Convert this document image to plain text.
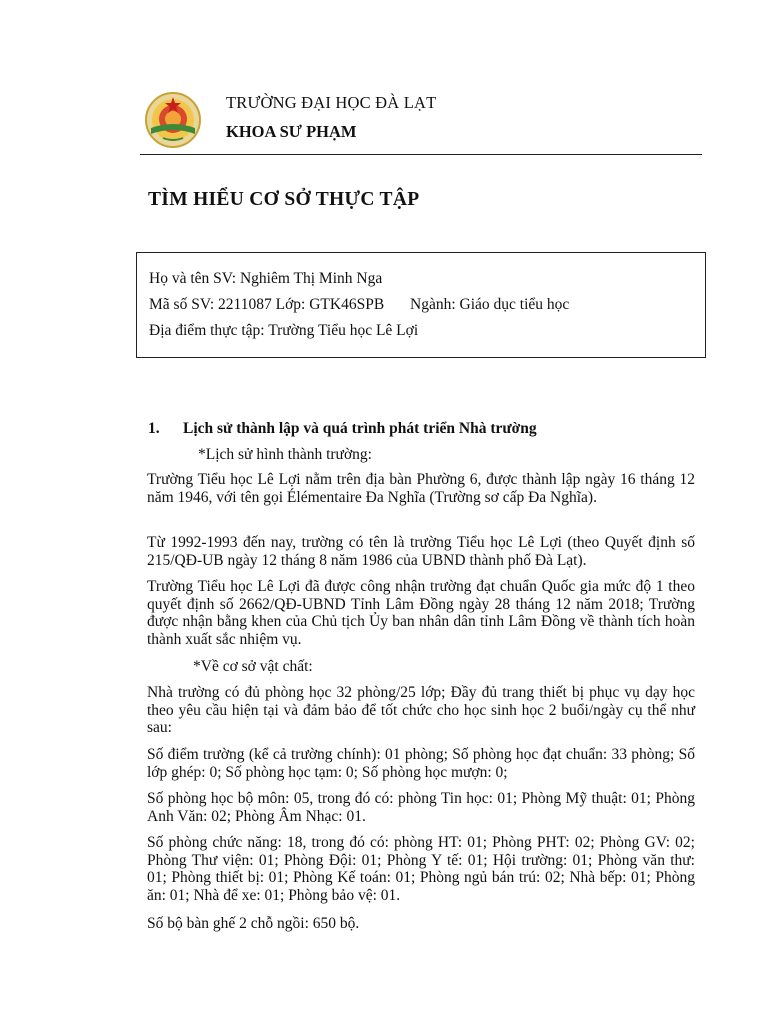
TRƯỜNG ĐẠI HỌC ĐÀ LẠT
KHOA SƯ PHẠM
TÌM HIỂU CƠ SỞ THỰC TẬP
Họ và tên SV: Nghiêm Thị Minh Nga
Mã số SV: 2211087 Lớp: GTK46SPB Ngành: Giáo dục tiểu học
Địa điểm thực tập: Trường Tiểu học Lê Lợi
1. Lịch sử thành lập và quá trình phát triển Nhà trường
*Lịch sử hình thành trường:

Trường Tiểu học Lê Lợi nằm trên địa bàn Phường 6, được thành lập ngày 16 tháng 12 năm 1946, với tên gọi Élémentaire Đa Nghĩa (Trường sơ cấp Đa Nghĩa).

Từ 1992-1993 đến nay, trường có tên là trường Tiểu học Lê Lợi (theo Quyết định số 215/QĐ-UB ngày 12 tháng 8 năm 1986 của UBND thành phố Đà Lạt).

Trường Tiểu học Lê Lợi đã được công nhận trường đạt chuẩn Quốc gia mức độ 1 theo quyết định số 2662/QĐ-UBND Tỉnh Lâm Đồng ngày 28 tháng 12 năm 2018; Trường được nhận bằng khen của Chủ tịch Ủy ban nhân dân tỉnh Lâm Đồng về thành tích hoàn thành xuất sắc nhiệm vụ.

*Về cơ sở vật chất:

Nhà trường có đủ phòng học 32 phòng/25 lớp; Đầy đủ trang thiết bị phục vụ dạy học theo yêu cầu hiện tại và đảm bảo để tốt chức cho học sinh học 2 buổi/ngày cụ thể như sau:

Số điểm trường (kể cả trường chính): 01 phòng; Số phòng học đạt chuẩn: 33 phòng; Số lớp ghép: 0; Số phòng học tạm: 0; Số phòng học mượn: 0;

Số phòng học bộ môn: 05, trong đó có: phòng Tin học: 01; Phòng Mỹ thuật: 01; Phòng Anh Văn: 02; Phòng Âm Nhạc: 01.

Số phòng chức năng: 18, trong đó có: phòng HT: 01; Phòng PHT: 02; Phòng GV: 02; Phòng Thư viện: 01; Phòng Đội: 01; Phòng Y tế: 01; Hội trường: 01; Phòng văn thư: 01; Phòng thiết bị: 01; Phòng Kế toán: 01; Phòng ngủ bán trú: 02; Nhà bếp: 01; Phòng ăn: 01; Nhà để xe: 01; Phòng bảo vệ: 01.

Số bộ bàn ghế 2 chỗ ngồi: 650 bộ.
